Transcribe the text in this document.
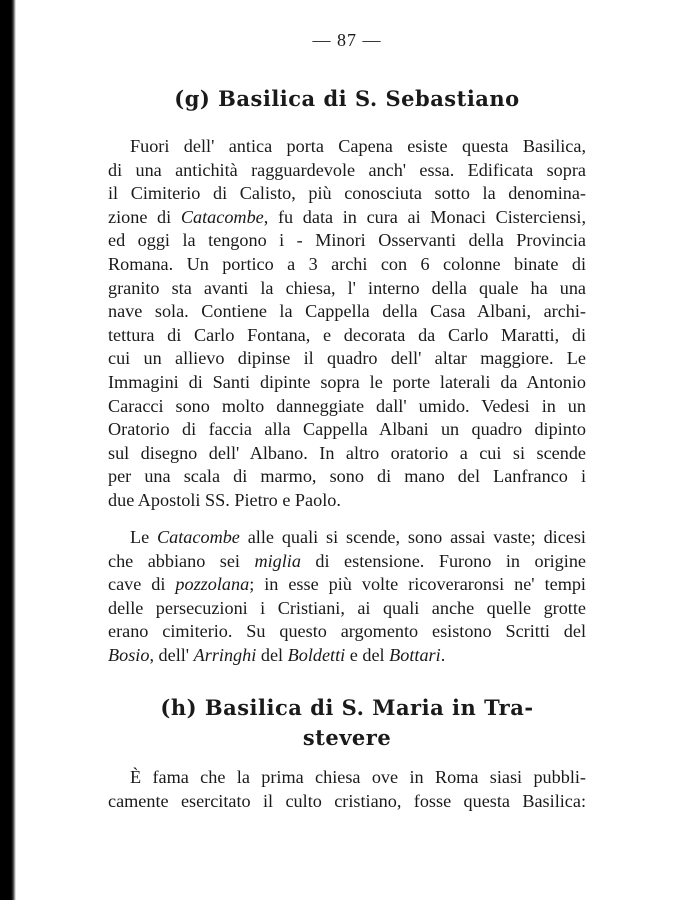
— 87 —
(g) Basilica di S. Sebastiano
Fuori dell' antica porta Capena esiste questa Basilica,
di una antichità ragguardevole anch' essa. Edificata sopra
il Cimiterio di Calisto, più conosciuta sotto la denomina-
zione di Catacombe, fu data in cura ai Monaci Cisterciensi,
ed oggi la tengono i - Minori Osservanti della Provincia
Romana. Un portico a 3 archi con 6 colonne binate di
granito sta avanti la chiesa, l' interno della quale ha una
nave sola. Contiene la Cappella della Casa Albani, archi-
tettura di Carlo Fontana, e decorata da Carlo Maratti, di
cui un allievo dipinse il quadro dell' altar maggiore. Le
Immagini di Santi dipinte sopra le porte laterali da Antonio
Caracci sono molto danneggiate dall' umido. Vedesi in un
Oratorio di faccia alla Cappella Albani un quadro dipinto
sul disegno dell' Albano. In altro oratorio a cui si scende
per una scala di marmo, sono di mano del Lanfranco i
due Apostoli SS. Pietro e Paolo.
Le Catacombe alle quali si scende, sono assai vaste; dicesi
che abbiano sei miglia di estensione. Furono in origine
cave di pozzolana; in esse più volte ricoveraronsi ne' tempi
delle persecuzioni i Cristiani, ai quali anche quelle grotte
erano cimiterio. Su questo argomento esistono Scritti del
Bosio, dell' Arringhi del Boldetti e del Bottari.
(h) Basilica di S. Maria in Tra-
stevere
È fama che la prima chiesa ove in Roma siasi pubbli-
camente esercitato il culto cristiano, fosse questa Basilica:
